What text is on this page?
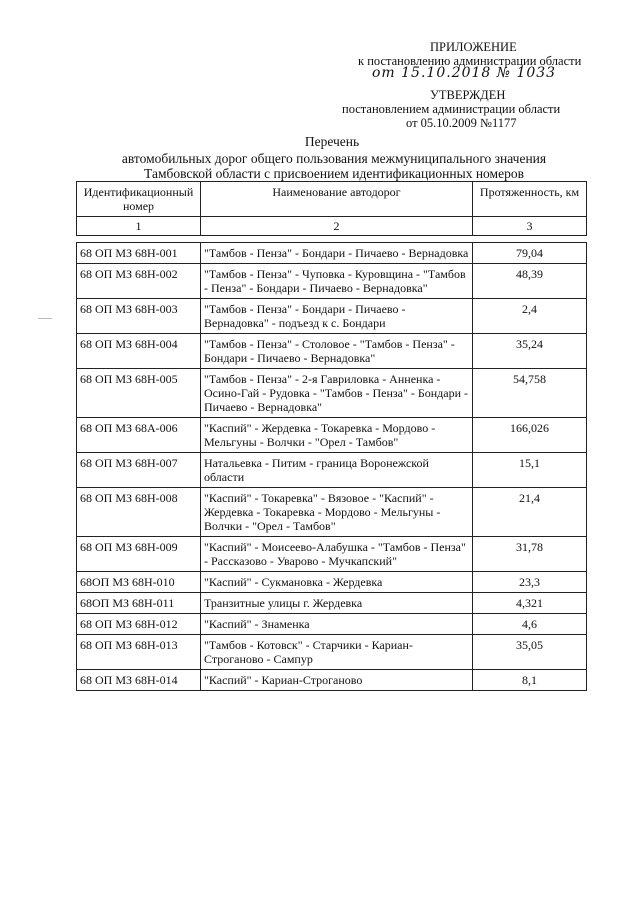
ПРИЛОЖЕНИЕ
к постановлению администрации области
от 15.10.2018 № 1033
УТВЕРЖДЕН
постановлением администрации области
от 05.10.2009 №1177
Перечень
автомобильных дорог общего пользования межмуниципального значения
Тамбовской области с присвоением идентификационных номеров
Идентификационный номер	Наименование автодорог	Протяженность, км
1	2	3

68 ОП МЗ 68Н-001	"Тамбов - Пенза" - Бондари - Пичаево - Вернадовка	79,04
68 ОП МЗ 68Н-002	"Тамбов - Пенза" - Чуповка - Куровщина - "Тамбов - Пенза" - Бондари - Пичаево - Вернадовка"	48,39
68 ОП МЗ 68Н-003	"Тамбов - Пенза" - Бондари - Пичаево - Вернадовка" - подъезд к с. Бондари	2,4
68 ОП МЗ 68Н-004	"Тамбов - Пенза" - Столовое - "Тамбов - Пенза" - Бондари - Пичаево - Вернадовка"	35,24
68 ОП МЗ 68Н-005	"Тамбов - Пенза" - 2-я Гавриловка - Анненка - Осино-Гай - Рудовка - "Тамбов - Пенза" - Бондари - Пичаево - Вернадовка"	54,758
68 ОП МЗ 68А-006	"Каспий" - Жердевка - Токаревка - Мордово - Мельгуны - Волчки - "Орел - Тамбов"	166,026
68 ОП МЗ 68Н-007	Натальевка - Питим - граница Воронежской области	15,1
68 ОП МЗ 68Н-008	"Каспий" - Токаревка" - Вязовое - "Каспий" - Жердевка - Токаревка - Мордово - Мельгуны - Волчки - "Орел - Тамбов"	21,4
68 ОП МЗ 68Н-009	"Каспий" - Моисеево-Алабушка - "Тамбов - Пенза" - Рассказово - Уварово - Мучкапский"	31,78
68ОП МЗ 68Н-010	"Каспий" - Сукмановка - Жердевка	23,3
68ОП МЗ 68Н-011	Транзитные улицы г. Жердевка	4,321
68 ОП МЗ 68Н-012	"Каспий" - Знаменка	4,6
68 ОП МЗ 68Н-013	"Тамбов - Котовск" - Старчики - Кариан-Строганово - Сампур	35,05
68 ОП МЗ 68Н-014	"Каспий" - Кариан-Строганово	8,1
